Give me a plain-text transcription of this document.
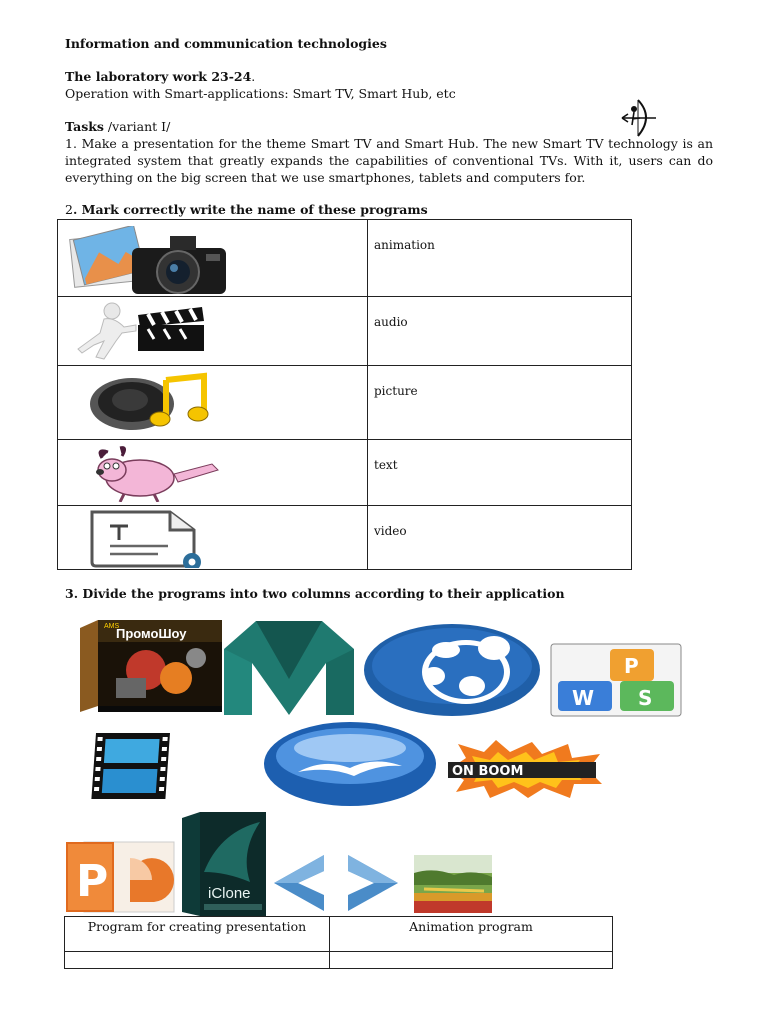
Information and communication technologies
The laboratory work 23-24.
Operation with Smart-applications: Smart TV, Smart Hub, etc
Tasks /variant I/
1. Make a presentation for the theme Smart TV and Smart Hub. The new Smart TV technology is an integrated system that greatly expands the capabilities of conventional TVs. With it, users can do everything on the big screen that we use smartphones, tablets and computers for.
2. Mark correctly write the name of these programs
	animation

	audio

	picture

	text

	video
3. Divide the programs into two columns according to their application
AMS
ПромоШоу
P
W S
ON BOOM
P	iClone
Program for creating presentation	Animation program
